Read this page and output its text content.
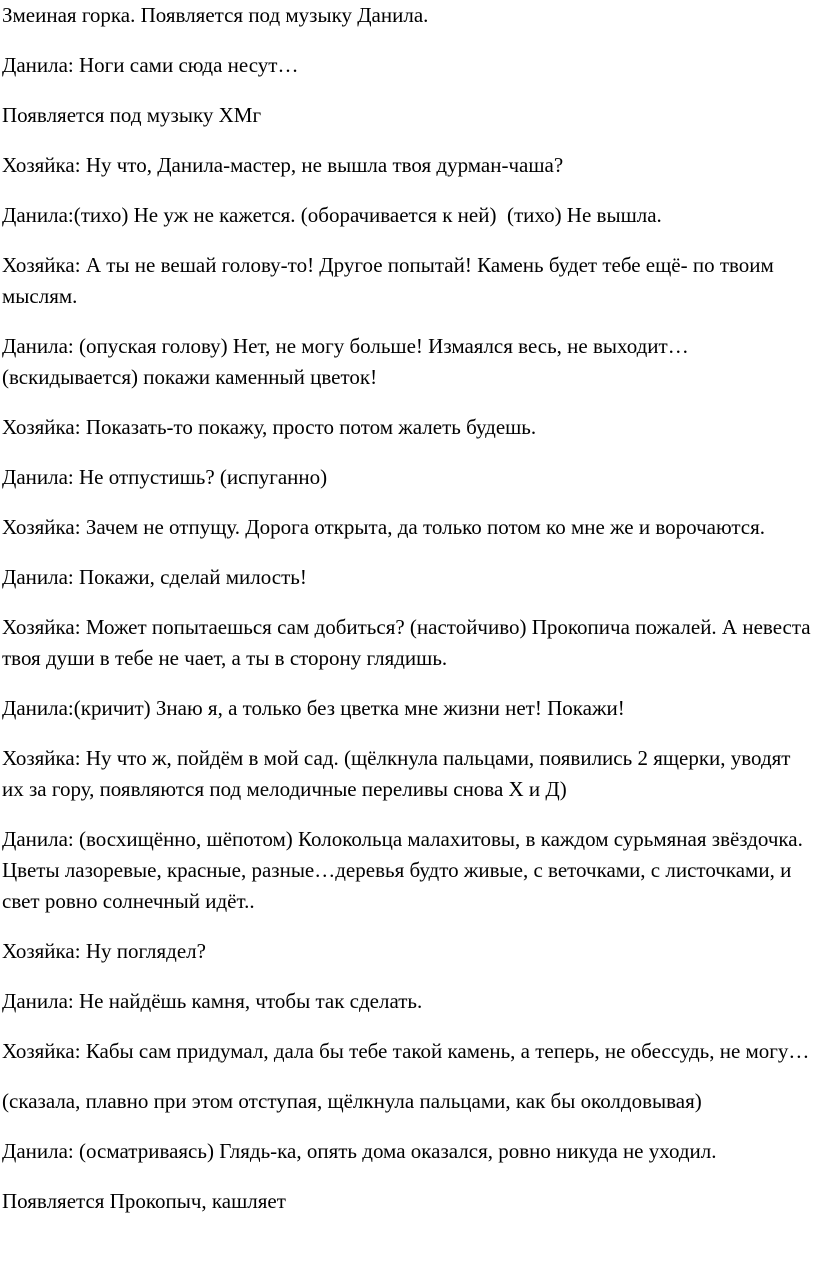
Змеиная горка. Появляется под музыку Данила.

Данила: Ноги сами сюда несут…

Появляется под музыку ХМг

Хозяйка: Ну что, Данила-мастер, не вышла твоя дурман-чаша?

Данила:(тихо) Не уж не кажется. (оборачивается к ней)  (тихо) Не вышла.

Хозяйка: А ты не вешай голову-то! Другое попытай! Камень будет тебе ещё- по твоим мыслям.

Данила: (опуская голову) Нет, не могу больше! Измаялся весь, не выходит… (вскидывается) покажи каменный цветок!

Хозяйка: Показать-то покажу, просто потом жалеть будешь.

Данила: Не отпустишь? (испуганно)

Хозяйка: Зачем не отпущу. Дорога открыта, да только потом ко мне же и ворочаются.

Данила: Покажи, сделай милость!

Хозяйка: Может попытаешься сам добиться? (настойчиво) Прокопича пожалей. А невеста твоя души в тебе не чает, а ты в сторону глядишь.

Данила:(кричит) Знаю я, а только без цветка мне жизни нет! Покажи!

Хозяйка: Ну что ж, пойдём в мой сад. (щёлкнула пальцами, появились 2 ящерки, уводят их за гору, появляются под мелодичные переливы снова Х и Д)

Данила: (восхищённо, шёпотом) Колокольца малахитовы, в каждом сурьмяная звёздочка. Цветы лазоревые, красные, разные…деревья будто живые, с веточками, с листочками, и свет ровно солнечный идёт..

Хозяйка: Ну поглядел?

Данила: Не найдёшь камня, чтобы так сделать.

Хозяйка: Кабы сам придумал, дала бы тебе такой камень, а теперь, не обессудь, не могу…

(сказала, плавно при этом отступая, щёлкнула пальцами, как бы околдовывая)

Данила: (осматриваясь) Глядь-ка, опять дома оказался, ровно никуда не уходил.

Появляется Прокопыч, кашляет
